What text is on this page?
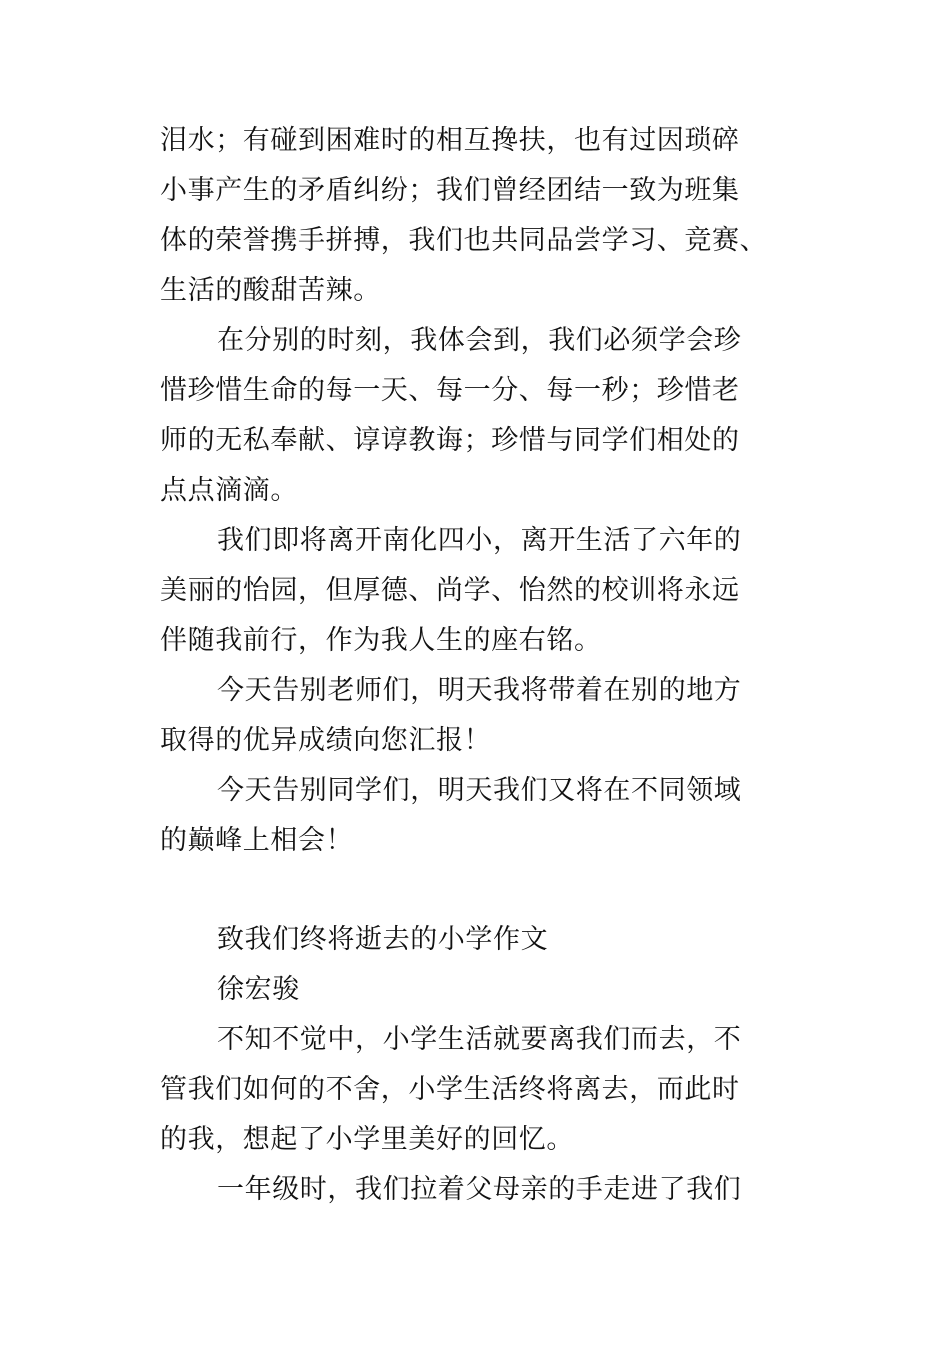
泪水；有碰到困难时的相互搀扶，也有过因琐碎
小事产生的矛盾纠纷；我们曾经团结一致为班集
体的荣誉携手拼搏，我们也共同品尝学习、竞赛、
生活的酸甜苦辣。
在分别的时刻，我体会到，我们必须学会珍
惜珍惜生命的每一天、每一分、每一秒；珍惜老
师的无私奉献、谆谆教诲；珍惜与同学们相处的
点点滴滴。
我们即将离开南化四小，离开生活了六年的
美丽的怡园，但厚德、尚学、怡然的校训将永远
伴随我前行，作为我人生的座右铭。
今天告别老师们，明天我将带着在别的地方
取得的优异成绩向您汇报！
今天告别同学们，明天我们又将在不同领域
的巅峰上相会！
致我们终将逝去的小学作文
徐宏骏
不知不觉中，小学生活就要离我们而去，不
管我们如何的不舍，小学生活终将离去，而此时
的我，想起了小学里美好的回忆。
一年级时，我们拉着父母亲的手走进了我们
